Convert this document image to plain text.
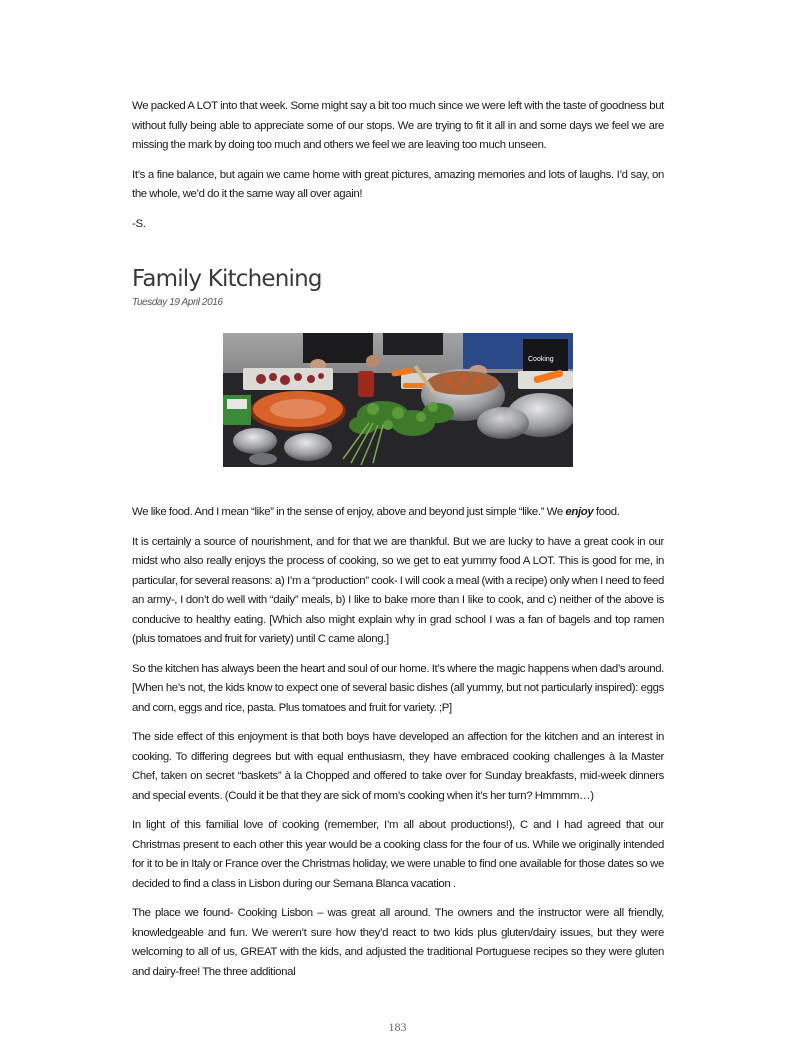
We packed A LOT into that week. Some might say a bit too much since we were left with the taste of goodness but without fully being able to appreciate some of our stops. We are trying to fit it all in and some days we feel we are missing the mark by doing too much and others we feel we are leaving too much unseen.

It’s a fine balance, but again we came home with great pictures, amazing memories and lots of laughs. I’d say, on the whole, we’d do it the same way all over again!

-S.

Family Kitchening
Tuesday 19 April 2016
Cooking

We like food. And I mean “like” in the sense of enjoy, above and beyond just simple “like.” We enjoy food.

It is certainly a source of nourishment, and for that we are thankful. But we are lucky to have a great cook in our midst who also really enjoys the process of cooking, so we get to eat yummy food A LOT. This is good for me, in particular, for several reasons: a) I’m a “production” cook- I will cook a meal (with a recipe) only when I need to feed an army-, I don’t do well with “daily” meals, b) I like to bake more than I like to cook, and c) neither of the above is conducive to healthy eating. [Which also might explain why in grad school I was a fan of bagels and top ramen (plus tomatoes and fruit for variety) until C came along.]

So the kitchen has always been the heart and soul of our home. It’s where the magic happens when dad’s around. [When he’s not, the kids know to expect one of several basic dishes (all yummy, but not particularly inspired): eggs and corn, eggs and rice, pasta. Plus tomatoes and fruit for variety. ;P]

The side effect of this enjoyment is that both boys have developed an affection for the kitchen and an interest in cooking. To differing degrees but with equal enthusiasm, they have embraced cooking challenges à la Master Chef, taken on secret “baskets” à la Chopped and offered to take over for Sunday breakfasts, mid-week dinners and special events. (Could it be that they are sick of mom’s cooking when it’s her turn? Hmmmm…)

In light of this familial love of cooking (remember, I’m all about productions!), C and I had agreed that our Christmas present to each other this year would be a cooking class for the four of us. While we originally intended for it to be in Italy or France over the Christmas holiday, we were unable to find one available for those dates so we decided to find a class in Lisbon during our Semana Blanca vacation .

The place we found- Cooking Lisbon – was great all around. The owners and the instructor were all friendly, knowledgeable and fun. We weren’t sure how they’d react to two kids plus gluten/dairy issues, but they were welcoming to all of us, GREAT with the kids, and adjusted the traditional Portuguese recipes so they were gluten and dairy-free! The three additional

183
